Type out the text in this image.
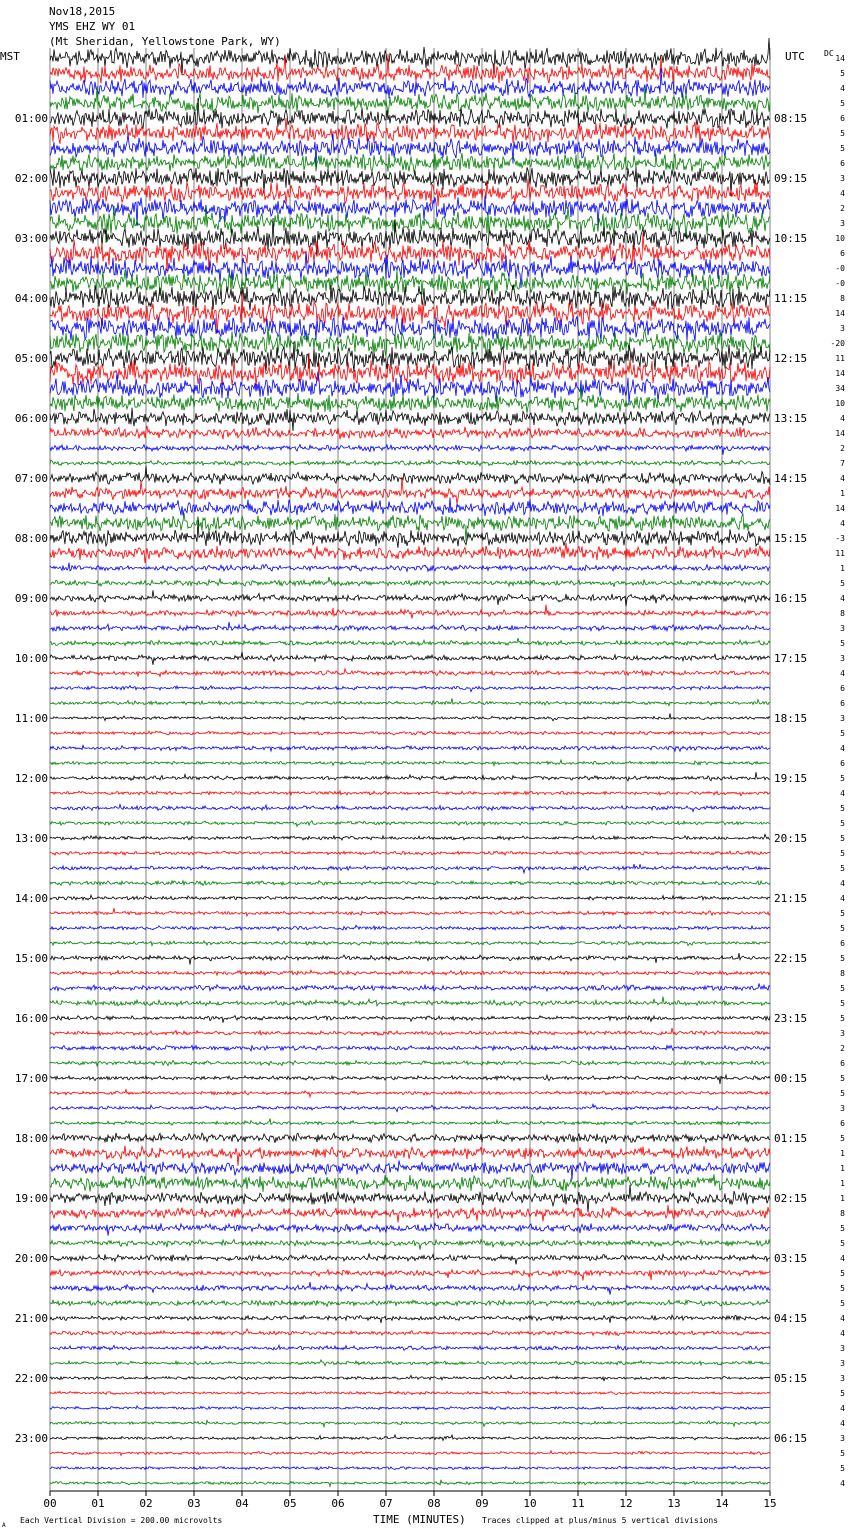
Nov18,2015
YMS EHZ WY 01
(Mt Sheridan, Yellowstone Park, WY)
MST	UTC DC
00	01	02	03	04	05	06	07	08	09	10	11	12	13	14	15
01:00
02:00
03:00
04:00
05:00
06:00
07:00
08:00
09:00
10:00
11:00
12:00
13:00
14:00
15:00
16:00
17:00
18:00
19:00
20:00
21:00
22:00
23:00
08:15
09:15
10:15
11:15
12:15
13:15
14:15
15:15
16:15
17:15
18:15
19:15
20:15
21:15
22:15
23:15
00:15
01:15
02:15
03:15
04:15
05:15
06:15
14
5
4
5
6
5
5
6
3
4
2
3
10
6
-0
-0
8
14
3
-20
11
14
34
10
4
14
2
7
4
1
14
4
-3
11
1
5
4
8
3
5
3
4
6
6
3
5
4
6
5
4
5
5
5
5
5
4
4
5
5
6
5
8
5
5
5
3
2
6
5
5
3
6
5
1
1
1
1
8
5
5
4
5
5
5
4
4
3
3
3
5
4
4
3
5
5
4
Each Vertical Division = 200.00 microvolts	TIME (MINUTES) Traces clipped at plus/minus 5 vertical divisions
A
